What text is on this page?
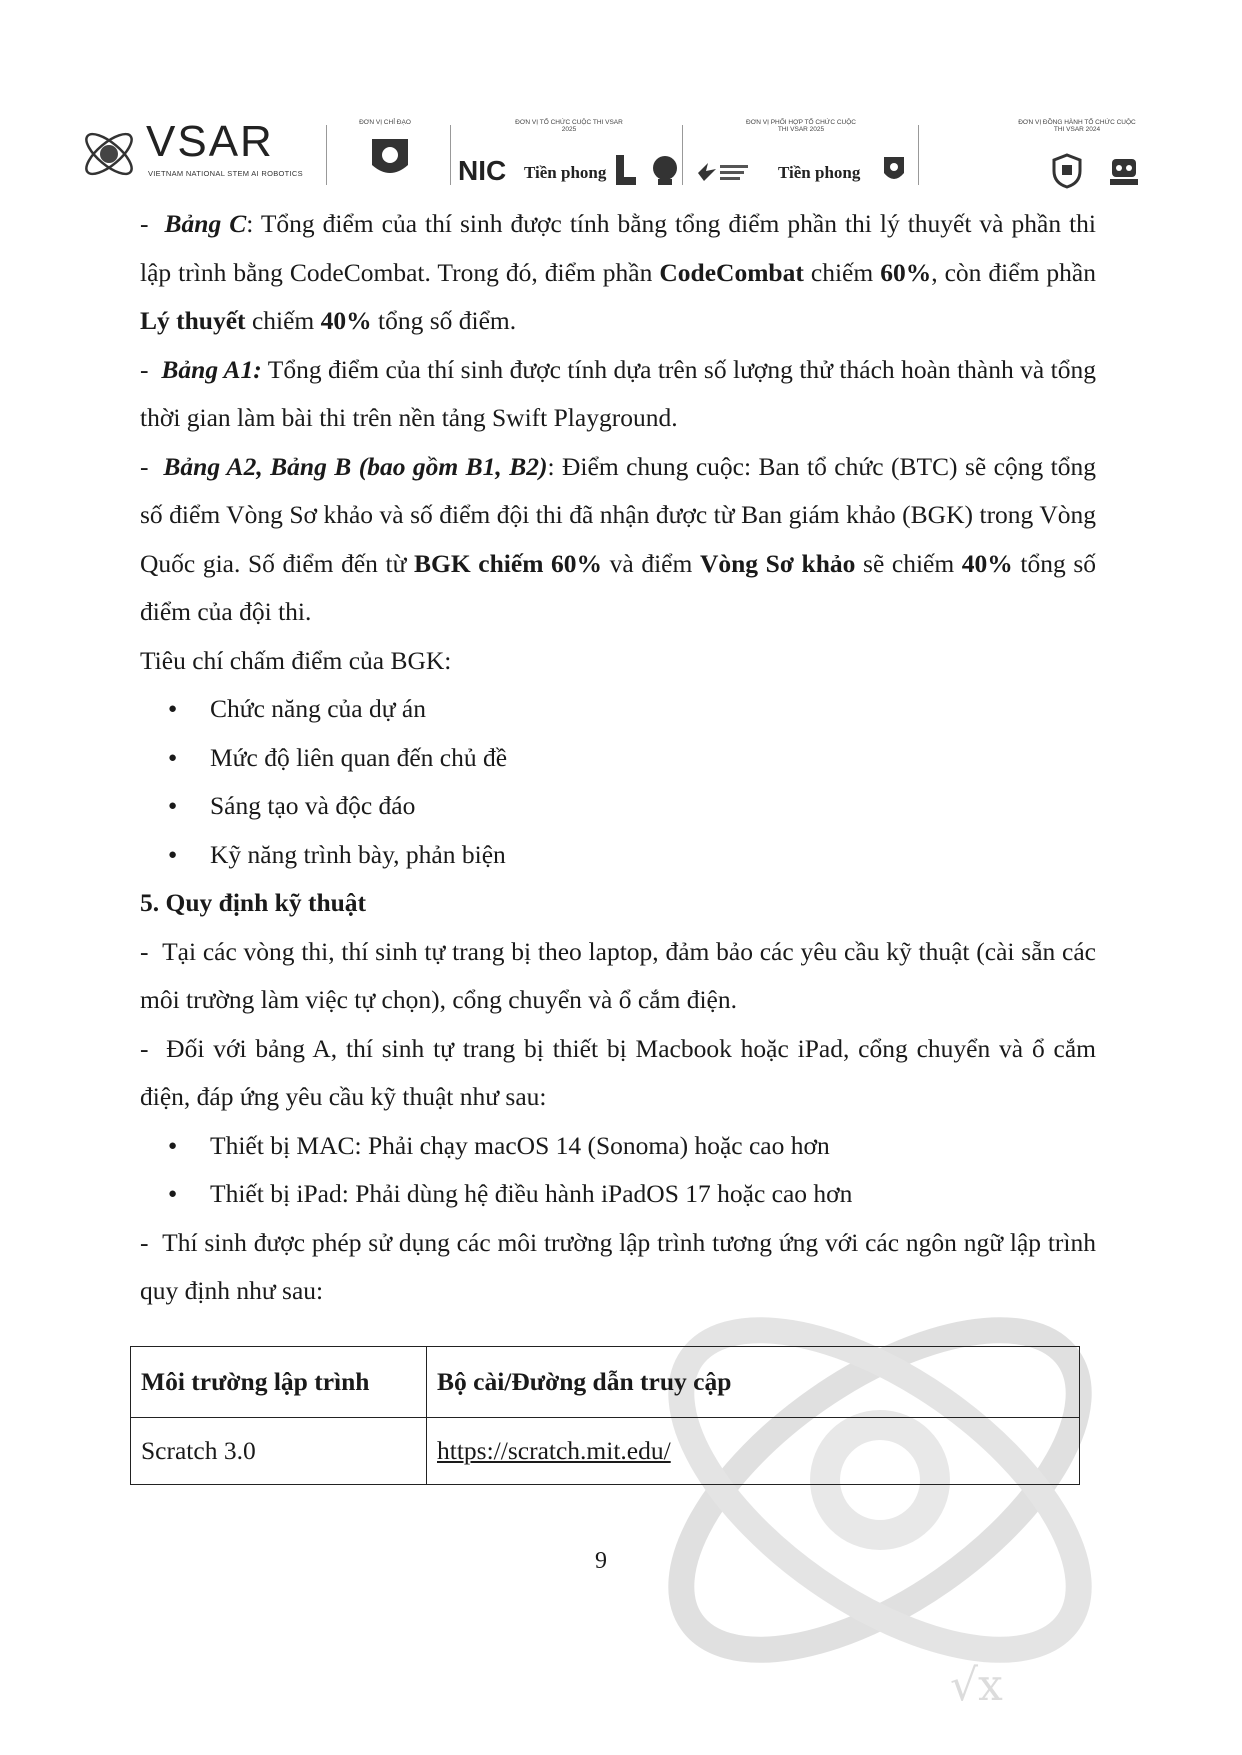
√x
VSAR
VIETNAM NATIONAL STEM AI ROBOTICS
ĐƠN VỊ CHỈ ĐẠO	ĐƠN VỊ TỔ CHỨC CUỘC THI VSAR 2025
NIC Tiền phong
ĐƠN VỊ PHỐI HỢP TỔ CHỨC CUỘC THI VSAR 2025
Tiền phong
ĐƠN VỊ ĐỒNG HÀNH TỔ CHỨC CUỘC THI VSAR 2024

-  Bảng C: Tổng điểm của thí sinh được tính bằng tổng điểm phần thi lý thuyết và phần thi lập trình bằng CodeCombat. Trong đó, điểm phần CodeCombat chiếm 60%, còn điểm phần Lý thuyết chiếm 40% tổng số điểm.

-  Bảng A1: Tổng điểm của thí sinh được tính dựa trên số lượng thử thách hoàn thành và tổng thời gian làm bài thi trên nền tảng Swift Playground.

-  Bảng A2, Bảng B (bao gồm B1, B2): Điểm chung cuộc: Ban tổ chức (BTC) sẽ cộng tổng số điểm Vòng Sơ khảo và số điểm đội thi đã nhận được từ Ban giám khảo (BGK) trong Vòng Quốc gia. Số điểm đến từ BGK chiếm 60% và điểm Vòng Sơ khảo sẽ chiếm 40% tổng số điểm của đội thi.

Tiêu chí chấm điểm của BGK:

● Chức năng của dự án
● Mức độ liên quan đến chủ đề
● Sáng tạo và độc đáo
● Kỹ năng trình bày, phản biện

5. Quy định kỹ thuật

-  Tại các vòng thi, thí sinh tự trang bị theo laptop, đảm bảo các yêu cầu kỹ thuật (cài sẵn các môi trường làm việc tự chọn), cổng chuyển và ổ cắm điện.

-  Đối với bảng A, thí sinh tự trang bị thiết bị Macbook hoặc iPad, cổng chuyển và ổ cắm điện, đáp ứng yêu cầu kỹ thuật như sau:

● Thiết bị MAC: Phải chạy macOS 14 (Sonoma) hoặc cao hơn
● Thiết bị iPad: Phải dùng hệ điều hành iPadOS 17 hoặc cao hơn

-  Thí sinh được phép sử dụng các môi trường lập trình tương ứng với các ngôn ngữ lập trình quy định như sau:

Môi trường lập trình	Bộ cài/Đường dẫn truy cập
Scratch 3.0	https://scratch.mit.edu/
9
